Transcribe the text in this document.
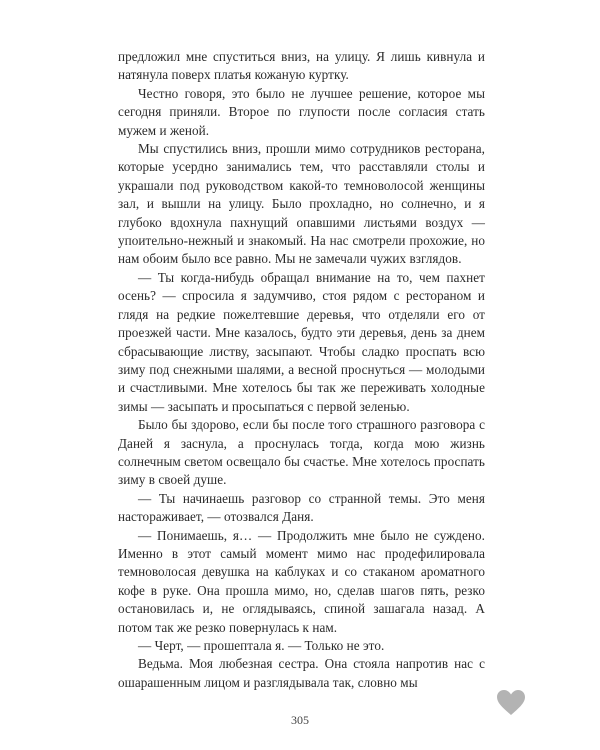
предложил мне спуститься вниз, на улицу. Я лишь кивнула и натянула поверх платья кожаную куртку.

Честно говоря, это было не лучшее решение, которое мы сегодня приняли. Второе по глупости после согласия стать мужем и женой.

Мы спустились вниз, прошли мимо сотрудников ресторана, которые усердно занимались тем, что расставляли столы и украшали под руководством какой-то темноволосой женщины зал, и вышли на улицу. Было прохладно, но солнечно, и я глубоко вдохнула пахнущий опавшими листьями воздух — упоительно-нежный и знакомый. На нас смотрели прохожие, но нам обоим было все равно. Мы не замечали чужих взглядов.

— Ты когда-нибудь обращал внимание на то, чем пахнет осень? — спросила я задумчиво, стоя рядом с рестораном и глядя на редкие пожелтевшие деревья, что отделяли его от проезжей части. Мне казалось, будто эти деревья, день за днем сбрасывающие листву, засыпают. Чтобы сладко проспать всю зиму под снежными шалями, а весной проснуться — молодыми и счастливыми. Мне хотелось бы так же переживать холодные зимы — засыпать и просыпаться с первой зеленью.

Было бы здорово, если бы после того страшного разговора с Даней я заснула, а проснулась тогда, когда мою жизнь солнечным светом освещало бы счастье. Мне хотелось проспать зиму в своей душе.

— Ты начинаешь разговор со странной темы. Это меня настораживает, — отозвался Даня.

— Понимаешь, я… — Продолжить мне было не суждено. Именно в этот самый момент мимо нас продефилировала темноволосая девушка на каблуках и со стаканом ароматного кофе в руке. Она прошла мимо, но, сделав шагов пять, резко остановилась и, не оглядываясь, спиной зашагала назад. А потом так же резко повернулась к нам.

— Черт, — прошептала я. — Только не это.

Ведьма. Моя любезная сестра. Она стояла напротив нас с ошарашенным лицом и разглядывала так, словно мы

305
